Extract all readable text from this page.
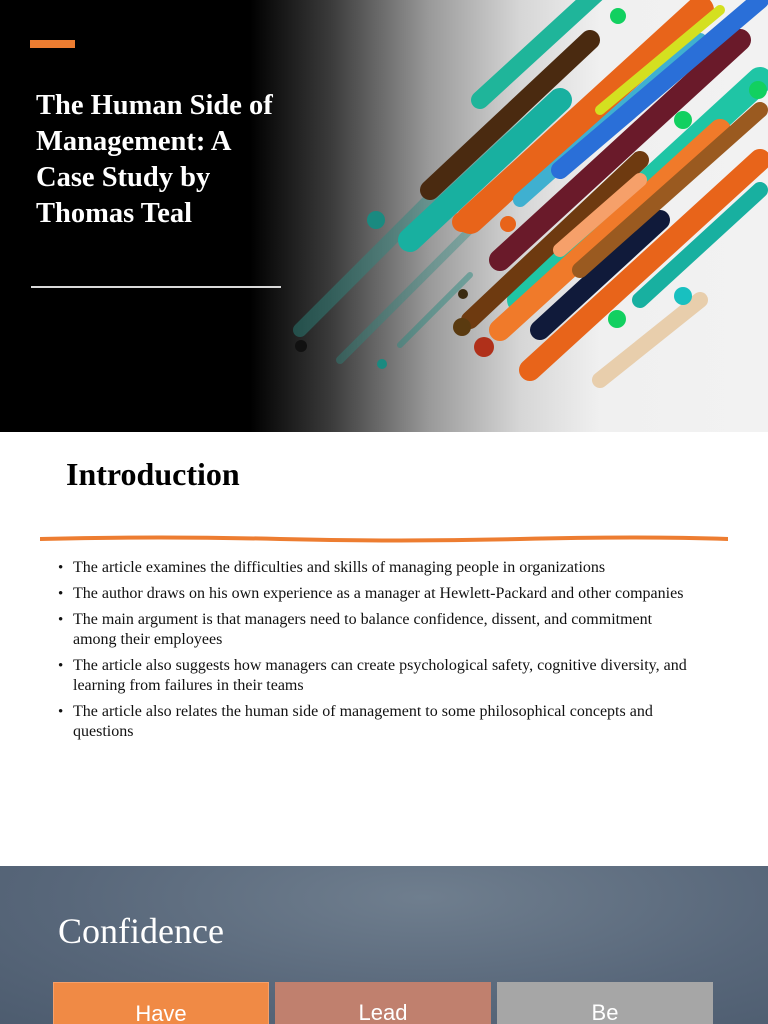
The Human Side of Management: A Case Study by Thomas Teal
Introduction
• The article examines the difficulties and skills of managing people in organizations
• The author draws on his own experience as a manager at Hewlett-Packard and other companies
• The main argument is that managers need to balance confidence, dissent, and commitment among their employees
• The article also suggests how managers can create psychological safety, cognitive diversity, and learning from failures in their teams
• The article also relates the human side of management to some philosophical concepts and questions
Confidence
Have	Lead	Be
